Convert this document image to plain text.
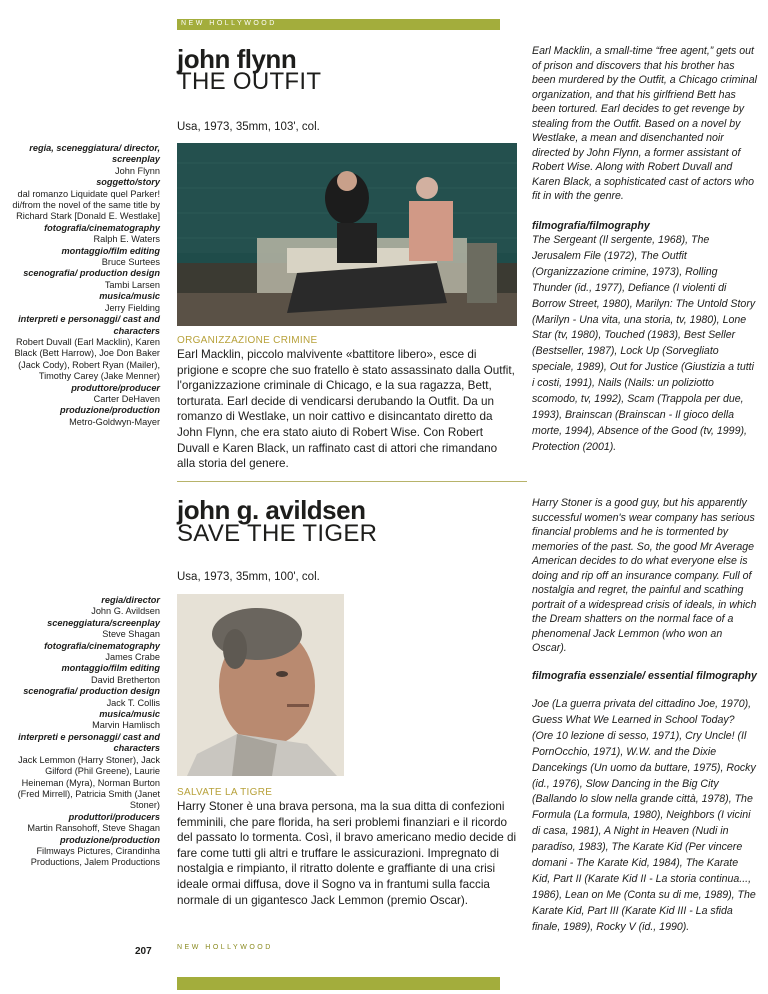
NEW HOLLYWOOD
john flynn
THE OUTFIT
Usa, 1973, 35mm, 103', col.
regia, sceneggiatura/ director, screenplay
John Flynn
soggetto/story
dal romanzo Liquidate quel Parker! di/from the novel of the same title by Richard Stark [Donald E. Westlake]
fotografia/cinematography
Ralph E. Waters
montaggio/film editing
Bruce Surtees
scenografia/ production design
Tambi Larsen
musica/music
Jerry Fielding
interpreti e personaggi/ cast and characters
Robert Duvall (Earl Macklin), Karen Black (Bett Harrow), Joe Don Baker (Jack Cody), Robert Ryan (Mailer), Timothy Carey (Jake Menner)
produttore/producer
Carter DeHaven
produzione/production
Metro-Goldwyn-Mayer
ORGANIZZAZIONE CRIMINE
Earl Macklin, piccolo malvivente «battitore libero», esce di prigione e scopre che suo fratello è stato assassinato dalla Outfit, l'organizzazione criminale di Chicago, e la sua ragazza, Bett, torturata. Earl decide di vendicarsi derubando la Outfit. Da un romanzo di Westlake, un noir cattivo e disincantato diretto da John Flynn, che era stato aiuto di Robert Wise. Con Robert Duvall e Karen Black, un raffinato cast di attori che rimandano alla storia del genere.
Earl Macklin, a small-time “free agent,” gets out of prison and discovers that his brother has been murdered by the Outfit, a Chicago criminal organization, and that his girlfriend Bett has been tortured. Earl decides to get revenge by stealing from the Outfit. Based on a novel by Westlake, a mean and disenchanted noir directed by John Flynn, a former assistant of Robert Wise. Along with Robert Duvall and Karen Black, a sophisticated cast of actors who fit in with the genre.
filmografia/filmography
The Sergeant (Il sergente, 1968), The Jerusalem File (1972), The Outfit (Organizzazione crimine, 1973), Rolling Thunder (id., 1977), Defiance (I violenti di Borrow Street, 1980), Marilyn: The Untold Story (Marilyn - Una vita, una storia, tv, 1980), Lone Star (tv, 1980), Touched (1983), Best Seller (Bestseller, 1987), Lock Up (Sorvegliato speciale, 1989), Out for Justice (Giustizia a tutti i costi, 1991), Nails (Nails: un poliziotto scomodo, tv, 1992), Scam (Trappola per due, 1993), Brainscan (Brainscan - Il gioco della morte, 1994), Absence of the Good (tv, 1999), Protection (2001).
john g. avildsen
SAVE THE TIGER
Usa, 1973, 35mm, 100', col.
regia/director
John G. Avildsen
sceneggiatura/screenplay
Steve Shagan
fotografia/cinematography
James Crabe
montaggio/film editing
David Bretherton
scenografia/ production design
Jack T. Collis
musica/music
Marvin Hamlisch
interpreti e personaggi/ cast and characters
Jack Lemmon (Harry Stoner), Jack Gilford (Phil Greene), Laurie Heineman (Myra), Norman Burton (Fred Mirrell), Patricia Smith (Janet Stoner)
produttori/producers
Martin Ransohoff, Steve Shagan
produzione/production
Filmways Pictures, Cirandinha Productions, Jalem Productions
SALVATE LA TIGRE
Harry Stoner è una brava persona, ma la sua ditta di confezioni femminili, che pare florida, ha seri problemi finanziari e il ricordo del passato lo tormenta. Così, il bravo americano medio decide di fare come tutti gli altri e truffare le assicurazioni. Impregnato di nostalgia e rimpianto, il ritratto dolente e graffiante di una crisi ideale ormai diffusa, dove il Sogno va in frantumi sulla faccia normale di un gigantesco Jack Lemmon (premio Oscar).
Harry Stoner is a good guy, but his apparently successful women's wear company has serious financial problems and he is tormented by memories of the past. So, the good Mr Average American decides to do what everyone else is doing and rip off an insurance company. Full of nostalgia and regret, the painful and scathing portrait of a widespread crisis of ideals, in which the Dream shatters on the normal face of a phenomenal Jack Lemmon (who won an Oscar).
filmografia essenziale/ essential filmography
Joe (La guerra privata del cittadino Joe, 1970), Guess What We Learned in School Today? (Ore 10 lezione di sesso, 1971), Cry Uncle! (Il PornOcchio, 1971), W.W. and the Dixie Dancekings (Un uomo da buttare, 1975), Rocky (id., 1976), Slow Dancing in the Big City (Ballando lo slow nella grande città, 1978), The Formula (La formula, 1980), Neighbors (I vicini di casa, 1981), A Night in Heaven (Nudi in paradiso, 1983), The Karate Kid (Per vincere domani - The Karate Kid, 1984), The Karate Kid, Part II (Karate Kid II - La storia continua..., 1986), Lean on Me (Conta su di me, 1989), The Karate Kid, Part III (Karate Kid III - La sfida finale, 1989), Rocky V (id., 1990).
207	NEW HOLLYWOOD
